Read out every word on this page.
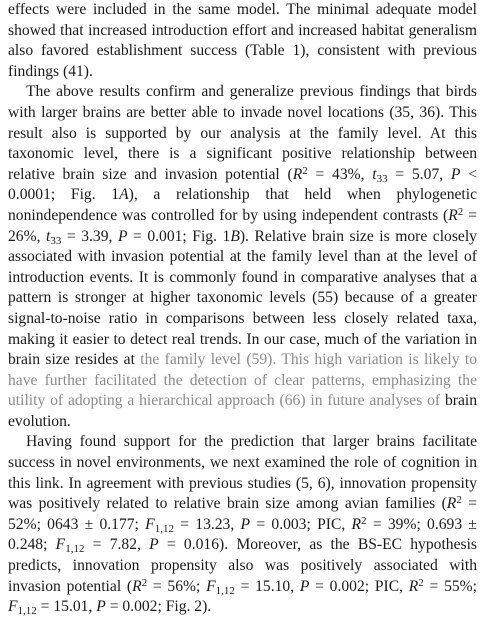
effects were included in the same model. The minimal adequate model showed that increased introduction effort and increased habitat generalism also favored establishment success (Table 1), consistent with previous findings (41).

The above results confirm and generalize previous findings that birds with larger brains are better able to invade novel locations (35, 36). This result also is supported by our analysis at the family level. At this taxonomic level, there is a significant positive relationship between relative brain size and invasion potential ($R^2 = 43\%$, $t_{33} = 5.07$, P < 0.0001; Fig. 1A), a relationship that held when phylogenetic nonindependence was controlled for by using independent contrasts ($R^2 = 26\%$, $t_{33} = 3.39$, P = 0.001; Fig. 1B). Relative brain size is more closely associated with invasion potential at the family level than at the level of introduction events. It is commonly found in comparative analyses that a pattern is stronger at higher taxonomic levels (55) because of a greater signal-to-noise ratio in comparisons between less closely related taxa, making it easier to detect real trends. In our case, much of the variation in brain size resides at the family level (59). This high variation is likely to have further facilitated the detection of clear patterns, emphasizing the utility of adopting a hierarchical approach (66) in future analyses of brain evolution.

Having found support for the prediction that larger brains facilitate success in novel environments, we next examined the role of cognition in this link. In agreement with previous studies (5, 6), innovation propensity was positively related to relative brain size among avian families ($R^2 = 52\%$; 0643 ± 0.177; $F_{1,12} = 13.23$, P = 0.003; PIC, $R^2 = 39\%$; 0.693 ± 0.248; $F_{1,12} = 7.82$, P = 0.016). Moreover, as the BS-EC hypothesis predicts, innovation propensity also was positively associated with invasion potential ($R^2 = 56\%$; $F_{1,12} = 15.10$, P = 0.002; PIC, $R^2 = 55\%$; $F_{1,12} = 15.01$, P = 0.002; Fig. 2).
